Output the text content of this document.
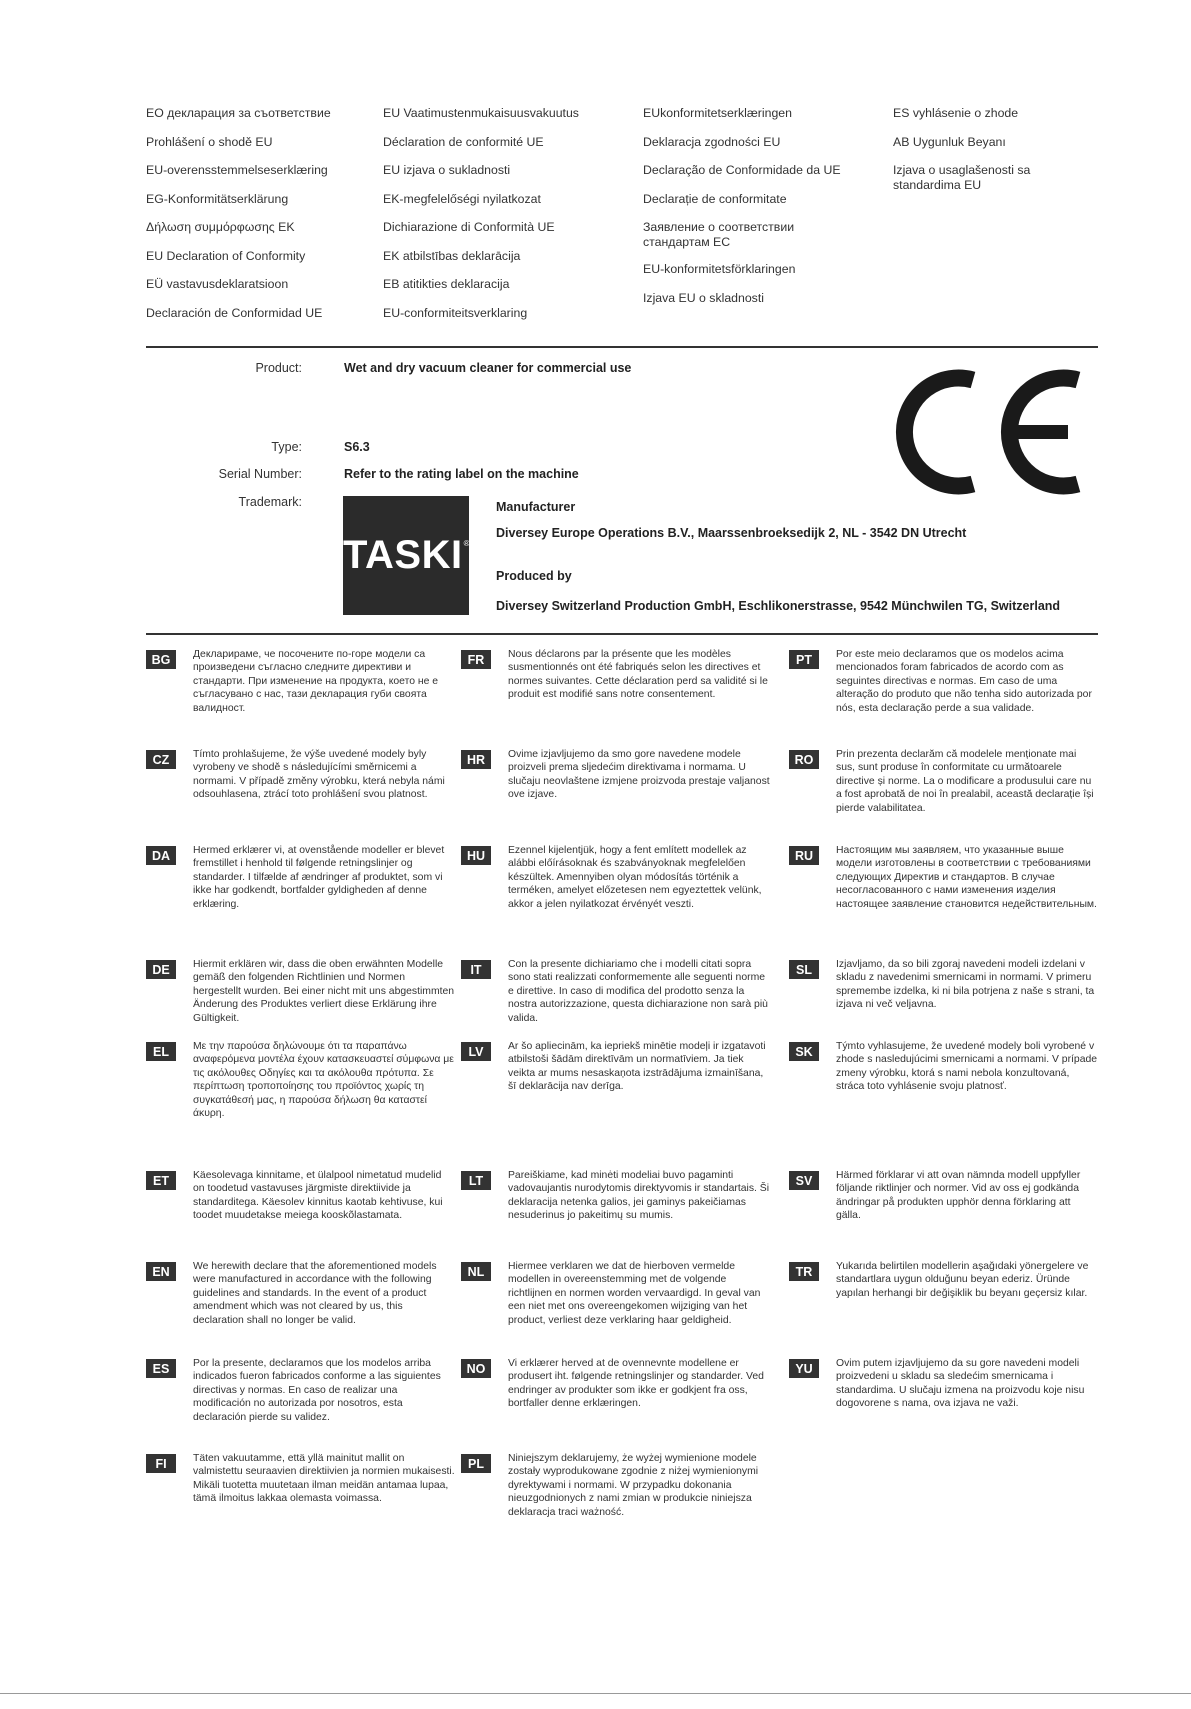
ЕО декларация за съответствие
Prohlášení o shodě EU
EU-overensstemmelseserklæring
EG-Konformitätserklärung
Δήλωση συμμόρφωσης ΕΚ
EU Declaration of Conformity
EÜ vastavusdeklaratsioon
Declaración de Conformidad UE
EU Vaatimustenmukaisuusvakuutus
Déclaration de conformité UE
EU izjava o sukladnosti
EK-megfelelőségi nyilatkozat
Dichiarazione di Conformità UE
EK atbilstības deklarācija
EB atitikties deklaracija
EU-conformiteitsverklaring
EUkonformitetserklæringen
Deklaracja zgodności EU
Declaração de Conformidade da UE
Declarație de conformitate
Заявление о соответствии стандартам ЕС
EU-konformitetsförklaringen
Izjava EU o skladnosti
ES vyhlásenie o zhode
AB Uygunluk Beyanı
Izjava o usaglašenosti sa standardima EU
Product:	Wet and dry vacuum cleaner for commercial use
Type:	S6.3
Serial Number:	Refer to the rating label on the machine
Trademark:
TASKI®
Manufacturer
Diversey Europe Operations B.V., Maarssenbroeksedijk 2, NL - 3542 DN Utrecht
Produced by
Diversey Switzerland Production GmbH, Eschlikonerstrasse, 9542 Münchwilen TG, Switzerland
BG	Декларираме, че посочените по-горе модели са произведени съгласно следните директиви и стандарти. При изменение на продукта, което не е съгласувано с нас, тази декларация губи своята валидност.
CZ	Tímto prohlašujeme, že výše uvedené modely byly vyrobeny ve shodě s následujícími směrnicemi a normami. V případě změny výrobku, která nebyla námi odsouhlasena, ztrácí toto prohlášení svou platnost.
DA	Hermed erklærer vi, at ovenstående modeller er blevet fremstillet i henhold til følgende retningslinjer og standarder. I tilfælde af ændringer af produktet, som vi ikke har godkendt, bortfalder gyldigheden af denne erklæring.
DE	Hiermit erklären wir, dass die oben erwähnten Modelle gemäß den folgenden Richtlinien und Normen hergestellt wurden. Bei einer nicht mit uns abgestimmten Änderung des Produktes verliert diese Erklärung ihre Gültigkeit.
EL	Με την παρούσα δηλώνουμε ότι τα παραπάνω αναφερόμενα μοντέλα έχουν κατασκευαστεί σύμφωνα με τις ακόλουθες Οδηγίες και τα ακόλουθα πρότυπα. Σε περίπτωση τροποποίησης του προϊόντος χωρίς τη συγκατάθεσή μας, η παρούσα δήλωση θα καταστεί άκυρη.
ET	Käesolevaga kinnitame, et ülalpool nimetatud mudelid on toodetud vastavuses järgmiste direktiivide ja standarditega. Käesolev kinnitus kaotab kehtivuse, kui toodet muudetakse meiega kooskõlastamata.
EN	We herewith declare that the aforementioned models were manufactured in accordance with the following guidelines and standards. In the event of a product amendment which was not cleared by us, this declaration shall no longer be valid.
ES	Por la presente, declaramos que los modelos arriba indicados fueron fabricados conforme a las siguientes directivas y normas. En caso de realizar una modificación no autorizada por nosotros, esta declaración pierde su validez.
FI	Täten vakuutamme, että yllä mainitut mallit on valmistettu seuraavien direktiivien ja normien mukaisesti. Mikäli tuotetta muutetaan ilman meidän antamaa lupaa, tämä ilmoitus lakkaa olemasta voimassa.
FR	Nous déclarons par la présente que les modèles susmentionnés ont été fabriqués selon les directives et normes suivantes. Cette déclaration perd sa validité si le produit est modifié sans notre consentement.
HR	Ovime izjavljujemo da smo gore navedene modele proizveli prema sljedećim direktivama i normama. U slučaju neovlaštene izmjene proizvoda prestaje valjanost ove izjave.
HU	Ezennel kijelentjük, hogy a fent említett modellek az alábbi előírásoknak és szabványoknak megfelelően készültek. Amennyiben olyan módosítás történik a terméken, amelyet előzetesen nem egyeztettek velünk, akkor a jelen nyilatkozat érvényét veszti.
IT	Con la presente dichiariamo che i modelli citati sopra sono stati realizzati conformemente alle seguenti norme e direttive. In caso di modifica del prodotto senza la nostra autorizzazione, questa dichiarazione non sarà più valida.
LV	Ar šo apliecinām, ka iepriekš minētie modeļi ir izgatavoti atbilstoši šādām direktīvām un normatīviem. Ja tiek veikta ar mums nesaskaņota izstrādājuma izmainīšana, šī deklarācija nav derīga.
LT	Pareiškiame, kad minėti modeliai buvo pagaminti vadovaujantis nurodytomis direktyvomis ir standartais. Ši deklaracija netenka galios, jei gaminys pakeičiamas nesuderinus jo pakeitimų su mumis.
NL	Hiermee verklaren we dat de hierboven vermelde modellen in overeenstemming met de volgende richtlijnen en normen worden vervaardigd. In geval van een niet met ons overeengekomen wijziging van het product, verliest deze verklaring haar geldigheid.
NO	Vi erklærer herved at de ovennevnte modellene er produsert iht. følgende retningslinjer og standarder. Ved endringer av produkter som ikke er godkjent fra oss, bortfaller denne erklæringen.
PL	Niniejszym deklarujemy, że wyżej wymienione modele zostały wyprodukowane zgodnie z niżej wymienionymi dyrektywami i normami. W przypadku dokonania nieuzgodnionych z nami zmian w produkcie niniejsza deklaracja traci ważność.
PT	Por este meio declaramos que os modelos acima mencionados foram fabricados de acordo com as seguintes directivas e normas. Em caso de uma alteração do produto que não tenha sido autorizada por nós, esta declaração perde a sua validade.
RO	Prin prezenta declarăm că modelele menționate mai sus, sunt produse în conformitate cu următoarele directive și norme. La o modificare a produsului care nu a fost aprobată de noi în prealabil, această declarație își pierde valabilitatea.
RU	Настоящим мы заявляем, что указанные выше модели изготовлены в соответствии с требованиями следующих Директив и стандартов. В случае несогласованного с нами изменения изделия настоящее заявление становится недействительным.
SL	Izjavljamo, da so bili zgoraj navedeni modeli izdelani v skladu z navedenimi smernicami in normami. V primeru spremembe izdelka, ki ni bila potrjena z naše s strani, ta izjava ni več veljavna.
SK	Týmto vyhlasujeme, že uvedené modely boli vyrobené v zhode s nasledujúcimi smernicami a normami. V prípade zmeny výrobku, ktorá s nami nebola konzultovaná, stráca toto vyhlásenie svoju platnosť.
SV	Härmed förklarar vi att ovan nämnda modell uppfyller följande riktlinjer och normer. Vid av oss ej godkända ändringar på produkten upphör denna förklaring att gälla.
TR	Yukarıda belirtilen modellerin aşağıdaki yönergelere ve standartlara uygun olduğunu beyan ederiz. Üründe yapılan herhangi bir değişiklik bu beyanı geçersiz kılar.
YU	Ovim putem izjavljujemo da su gore navedeni modeli proizvedeni u skladu sa sledećim smernicama i standardima. U slučaju izmena na proizvodu koje nisu dogovorene s nama, ova izjava ne važi.
